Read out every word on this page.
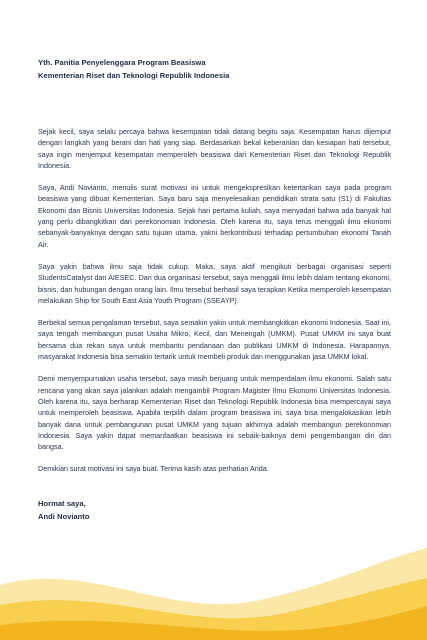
Yth. Panitia Penyelenggara Program Beasiswa
Kementerian Riset dan Teknologi Republik Indonesia

Sejak kecil, saya selalu percaya bahwa kesempatan tidak datang begitu saja. Kesempatan harus dijemput dengan langkah yang berani dan hati yang siap. Berdasarkan bekal keberanian dan kesiapan hati tersebut, saya ingin menjemput kesempatan memperoleh beasiswa dari Kementerian Riset dan Teknologi Republik Indonesia.

Saya, Andi Novianto, menulis surat motivasi ini untuk mengekspresikan ketertarikan saya pada program beasiswa yang dibuat Kementerian. Saya baru saja menyelesaikan pendidikan strata satu (S1) di Fakultas Ekonomi dan Bisnis Universitas Indonesia. Sejak hari pertama kuliah, saya menyadari bahwa ada banyak hal yang perlu dibangkitkan dari perekonomian Indonesia. Oleh karena itu, saya terus menggali ilmu ekonomi sebanyak-banyaknya dengan satu tujuan utama, yakni berkontribusi terhadap pertumbuhan ekonomi Tanah Air.

Saya yakin bahwa ilmu saja tidak cukup. Maka, saya aktif mengikuti berbagai organisasi seperti StudentsCatalyst dan AIESEC. Dari dua organisasi tersebut, saya menggali ilmu lebih dalam tentang ekonomi, bisnis, dan hubungan dengan orang lain. Ilmu tersebut berhasil saya terapkan Ketika memperoleh kesempatan melakukan Ship for South East Asia Youth Program (SSEAYP).

Berbekal semua pengalaman tersebut, saya semakin yakin untuk membangkitkan ekonomi Indonesia. Saat ini, saya tengah membangun pusat Usaha Mikro, Kecil, dan Menengah (UMKM). Pusat UMKM ini saya buat bersama dua rekan saya untuk membantu pendanaan dan publikasi UMKM di Indonesia. Harapannya, masyarakat Indonesia bisa semakin tertarik untuk membeli produk dan menggunakan jasa UMKM lokal.

Demi menyempurnakan usaha tersebut, saya masih berjuang untuk memperdalam ilmu ekonomi. Salah satu rencana yang akan saya jalankan adalah mengambil Program Magister Ilmu Ekonomi Universitas Indonesia. Oleh karena itu, saya berharap Kementerian Riset dan Teknologi Republik Indonesia bisa mempercayai saya untuk memperoleh beasiswa. Apabila terpilih dalam program beasiswa ini, saya bisa mengalokasikan lebih banyak dana untuk pembangunan pusat UMKM yang tujuan akhirnya adalah membangun perekonomian Indonesia. Saya yakin dapat memanfaatkan beasiswa ini sebaik-baiknya demi pengembangan diri dan bangsa.

Demikian surat motivasi ini saya buat. Terima kasih atas perhatian Anda.

Hormat saya,
Andi Novianto
